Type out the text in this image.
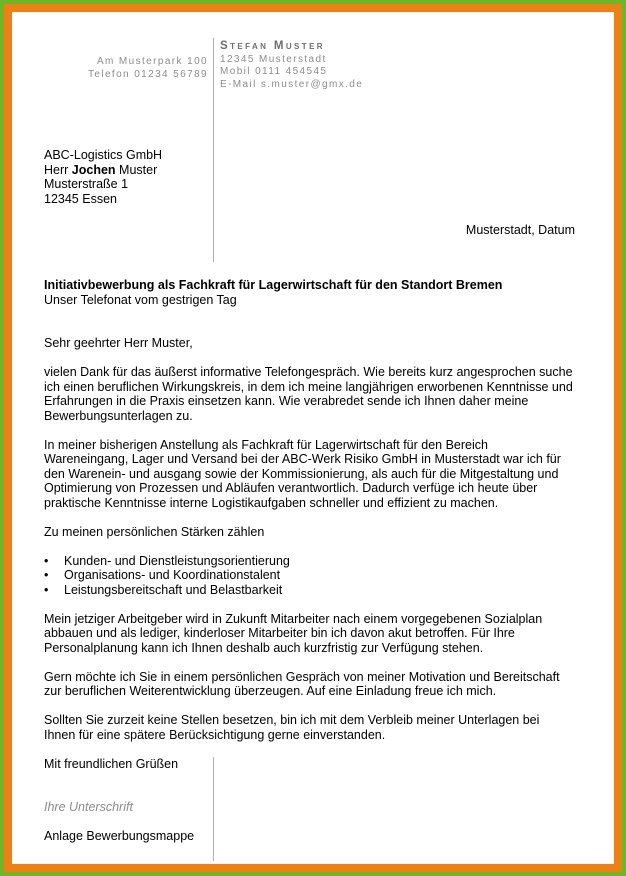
Am Musterpark 100
Telefon 01234 56789
Stefan Muster
12345 Musterstadt
Mobil 0111 454545
E-Mail s.muster@gmx.de
ABC-Logistics GmbH
Herr Jochen Muster
Musterstraße 1
12345 Essen
Musterstadt, Datum

Initiativbewerbung als Fachkraft für Lagerwirtschaft für den Standort Bremen

Unser Telefonat vom gestrigen Tag

Sehr geehrter Herr Muster,

vielen Dank für das äußerst informative Telefongespräch. Wie bereits kurz angesprochen suche ich einen beruflichen Wirkungskreis, in dem ich meine langjährigen erworbenen Kenntnisse und Erfahrungen in die Praxis einsetzen kann. Wie verabredet sende ich Ihnen daher meine Bewerbungsunterlagen zu.

In meiner bisherigen Anstellung als Fachkraft für Lagerwirtschaft für den Bereich Wareneingang, Lager und Versand bei der ABC-Werk Risiko GmbH in Musterstadt war ich für den Warenein- und ausgang sowie der Kommissionierung, als auch für die Mitgestaltung und Optimierung von Prozessen und Abläufen verantwortlich. Dadurch verfüge ich heute über praktische Kenntnisse interne Logistikaufgaben schneller und effizient zu machen.

Zu meinen persönlichen Stärken zählen

• Kunden- und Dienstleistungsorientierung
• Organisations- und Koordinationstalent
• Leistungsbereitschaft und Belastbarkeit

Mein jetziger Arbeitgeber wird in Zukunft Mitarbeiter nach einem vorgegebenen Sozialplan abbauen und als lediger, kinderloser Mitarbeiter bin ich davon akut betroffen. Für Ihre Personalplanung kann ich Ihnen deshalb auch kurzfristig zur Verfügung stehen.

Gern möchte ich Sie in einem persönlichen Gespräch von meiner Motivation und Bereitschaft zur beruflichen Weiterentwicklung überzeugen. Auf eine Einladung freue ich mich.

Sollten Sie zurzeit keine Stellen besetzen, bin ich mit dem Verbleib meiner Unterlagen bei Ihnen für eine spätere Berücksichtigung gerne einverstanden.

Mit freundlichen Grüßen

Ihre Unterschrift

Anlage Bewerbungsmappe
